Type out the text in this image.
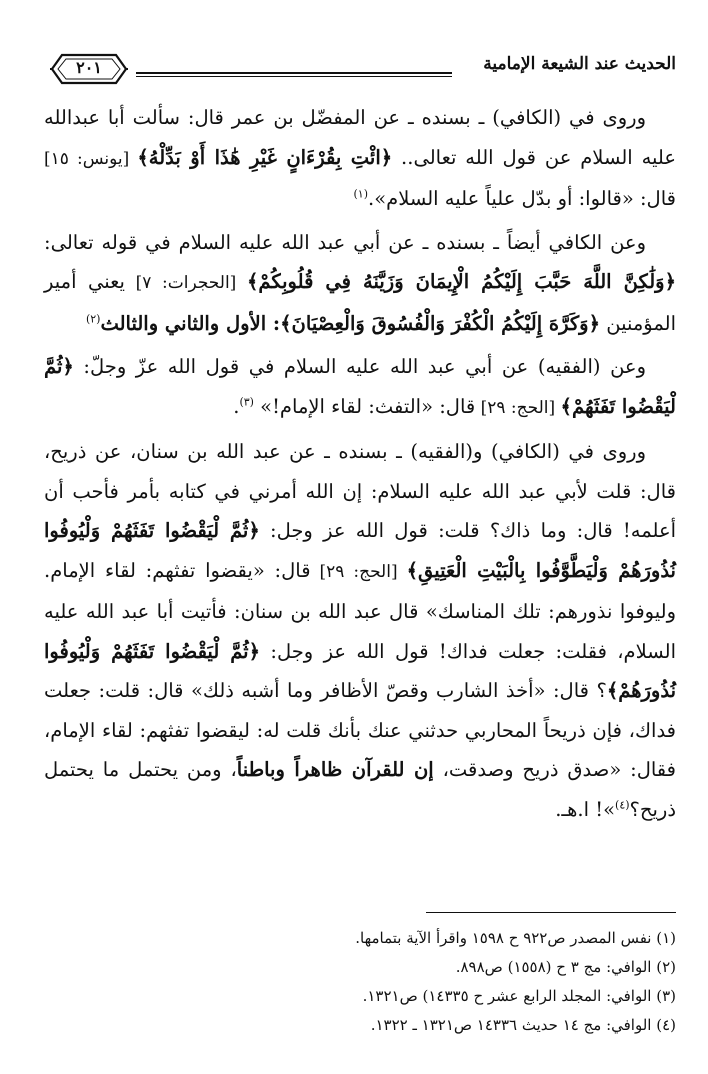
الحديث عند الشيعة الإمامية
٢٠١

وروى في (الكافي) ـ بسنده ـ عن المفضّل بن عمر قال: سألت أبا عبدالله عليه السلام عن قول الله تعالى.. ﴿ائْتِ بِقُرْءَانٍ غَيْرِ هَٰذَا أَوْ بَدِّلْهُ﴾ [يونس: ١٥] قال: «قالوا: أو بدّل علياً عليه السلام».$^{(١)}$

وعن الكافي أيضاً ـ بسنده ـ عن أبي عبد الله عليه السلام في قوله تعالى: ﴿وَلَٰكِنَّ اللَّهَ حَبَّبَ إِلَيْكُمُ الْإِيمَانَ وَزَيَّنَهُ فِي قُلُوبِكُمْ﴾ [الحجرات: ٧] يعني أمير المؤمنين ﴿وَكَرَّهَ إِلَيْكُمُ الْكُفْرَ وَالْفُسُوقَ وَالْعِصْيَانَ﴾: الأول والثاني والثالث$^{(٢)}$

وعن (الفقيه) عن أبي عبد الله عليه السلام في قول الله عزّ وجلّ: ﴿ثُمَّ لْيَقْضُوا تَفَثَهُمْ﴾ [الحج: ٢٩] قال: «التفث: لقاء الإمام!» $^{(٣)}$.

وروى في (الكافي) و(الفقيه) ـ بسنده ـ عن عبد الله بن سنان، عن ذريح، قال: قلت لأبي عبد الله عليه السلام: إن الله أمرني في كتابه بأمر فأحب أن أعلمه! قال: وما ذاك؟ قلت: قول الله عز وجل: ﴿ثُمَّ لْيَقْضُوا تَفَثَهُمْ وَلْيُوفُوا نُذُورَهُمْ وَلْيَطَّوَّفُوا بِالْبَيْتِ الْعَتِيقِ﴾ [الحج: ٢٩] قال: «يقضوا تفثهم: لقاء الإمام. وليوفوا نذورهم: تلك المناسك» قال عبد الله بن سنان: فأتيت أبا عبد الله عليه السلام، فقلت: جعلت فداك! قول الله عز وجل: ﴿ثُمَّ لْيَقْضُوا تَفَثَهُمْ وَلْيُوفُوا نُذُورَهُمْ﴾؟ قال: «أخذ الشارب وقصّ الأظافر وما أشبه ذلك» قال: قلت: جعلت فداك، فإن ذريحاً المحاربي حدثني عنك بأنك قلت له: ليقضوا تفثهم: لقاء الإمام، فقال: «صدق ذريح وصدقت، إن للقرآن ظاهراً وباطناً، ومن يحتمل ما يحتمل ذريح؟$^{(٤)}$»! ا.هـ.

(١) نفس المصدر ص٩٢٢ ح ١٥٩٨ واقرأ الآية بتمامها.
(٢) الوافي: مج ٣ ح (١٥٥٨) ص٨٩٨.
(٣) الوافي: المجلد الرابع عشر ح ١٤٣٣٥) ص١٣٢١.
(٤) الوافي: مج ١٤ حديث ١٤٣٣٦ ص١٣٢١ ـ ١٣٢٢.
